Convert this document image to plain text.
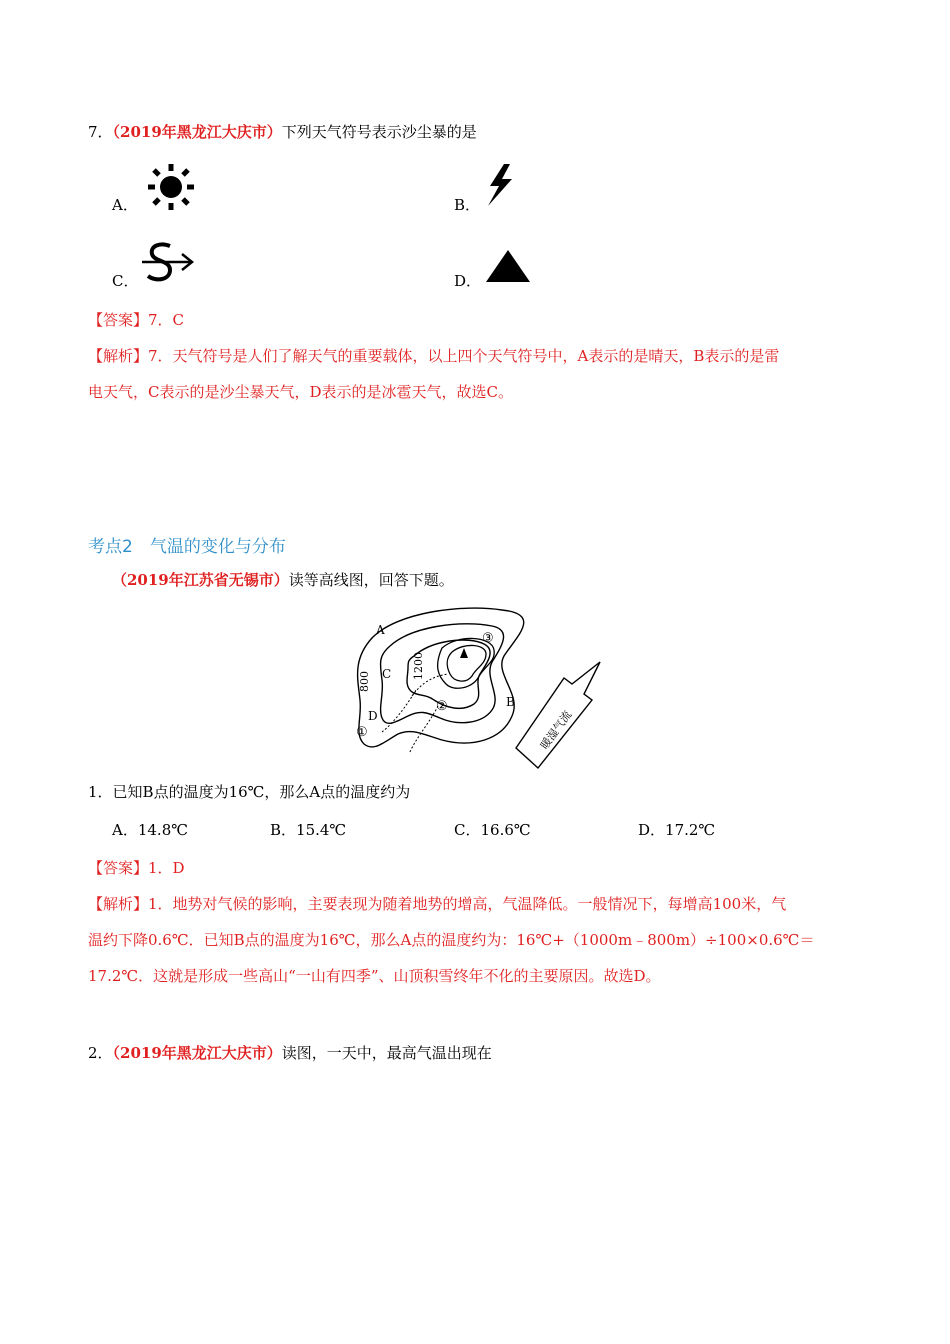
7．（2019年黑龙江大庆市）下列天气符号表示沙尘暴的是
A．	B．
C．	D．
【答案】7．C
【解析】7．天气符号是人们了解天气的重要载体，以上四个天气符号中，A表示的是晴天，B表示的是雷
电天气，C表示的是沙尘暴天气，D表示的是冰雹天气，故选C。
考点2　气温的变化与分布
（2019年江苏省无锡市）读等高线图，回答下题。
A
C
D
B
800
1200
①
②
③
暖湿气流
1．已知B点的温度为16℃，那么A点的温度约为
A．14.8℃	B．15.4℃	C．16.6℃	D．17.2℃
【答案】1．D
【解析】1．地势对气候的影响，主要表现为随着地势的增高，气温降低。一般情况下，每增高100米，气
温约下降0.6℃．已知B点的温度为16℃，那么A点的温度约为：16℃+（1000m﹣800m）÷100×0.6℃＝
17.2℃．这就是形成一些高山“一山有四季”、山顶积雪终年不化的主要原因。故选D。
2．（2019年黑龙江大庆市）读图，一天中，最高气温出现在
